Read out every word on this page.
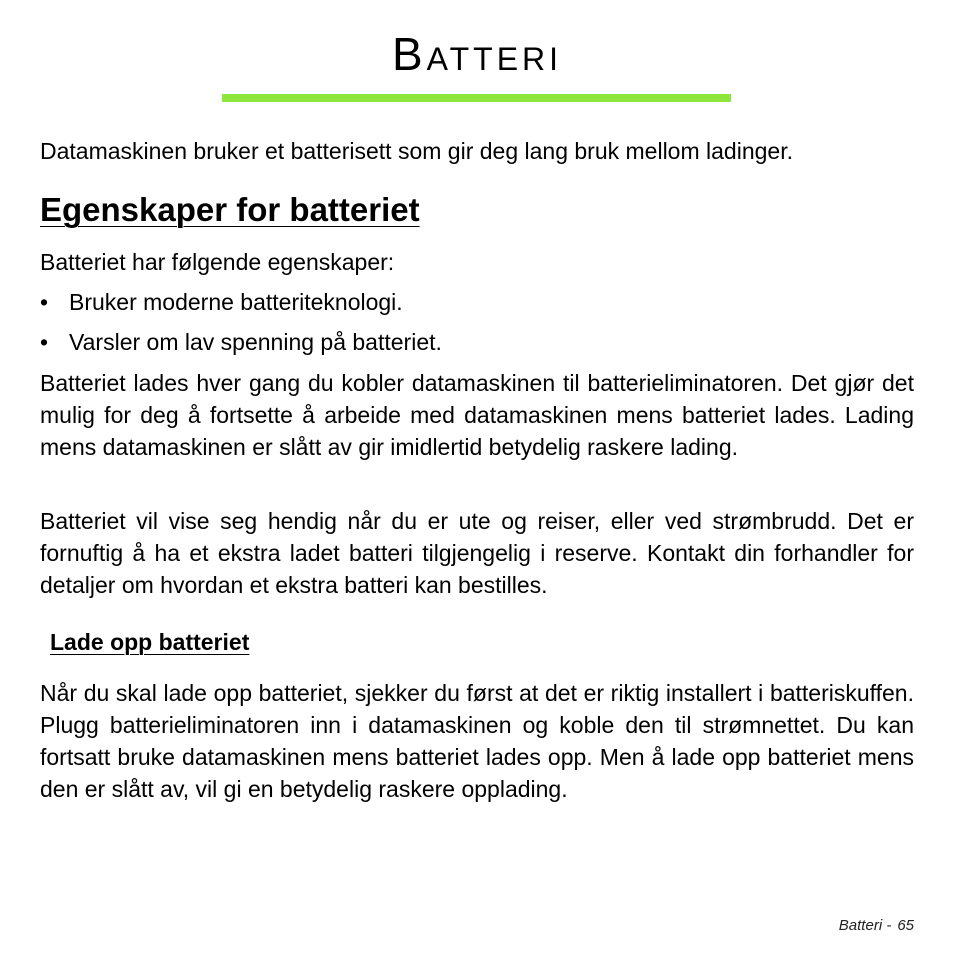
Batteri

Datamaskinen bruker et batterisett som gir deg lang bruk mellom ladinger.

Egenskaper for batteriet

Batteriet har følgende egenskaper:

• Bruker moderne batteriteknologi.
• Varsler om lav spenning på batteriet.

Batteriet lades hver gang du kobler datamaskinen til batterieliminatoren. Det gjør det mulig for deg å fortsette å arbeide med datamaskinen mens batteriet lades. Lading mens datamaskinen er slått av gir imidlertid betydelig raskere lading.

Batteriet vil vise seg hendig når du er ute og reiser, eller ved strømbrudd. Det er fornuftig å ha et ekstra ladet batteri tilgjengelig i reserve. Kontakt din forhandler for detaljer om hvordan et ekstra batteri kan bestilles.

Lade opp batteriet

Når du skal lade opp batteriet, sjekker du først at det er riktig installert i batteriskuffen. Plugg batterieliminatoren inn i datamaskinen og koble den til strømnettet. Du kan fortsatt bruke datamaskinen mens batteriet lades opp. Men å lade opp batteriet mens den er slått av, vil gi en betydelig raskere opplading.

Batteri - 65
